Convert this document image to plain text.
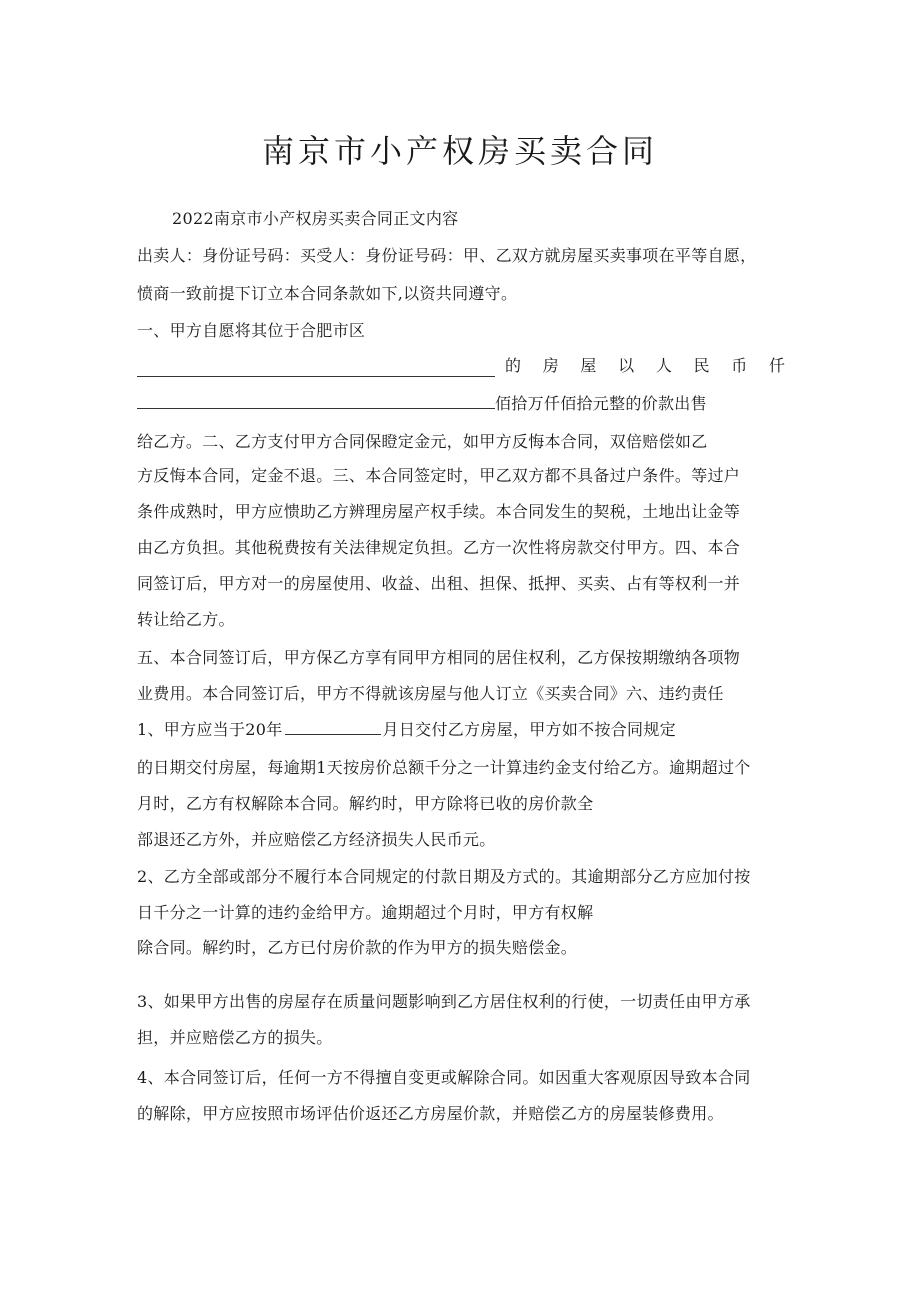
南京市小产权房买卖合同
2022南京市小产权房买卖合同正文内容
出卖人：身份证号码：买受人：身份证号码：甲、乙双方就房屋买卖事项在平等自愿，
愤商一致前提下订立本合同条款如下,以资共同遵守。
一、甲方自愿将其位于合肥市区
的 房 屋 以 人 民 币 仟
佰拾万仟佰拾元整的价款出售
给乙方。二、乙方支付甲方合同保瞪定金元，如甲方反悔本合同，双倍赔偿如乙
方反悔本合同，定金不退。三、本合同签定时，甲乙双方都不具备过户条件。等过户
条件成熟时，甲方应愦助乙方辨理房屋产权手续。本合同发生的契税，土地出让金等
由乙方负担。其他税费按有关法律规定负担。乙方一次性将房款交付甲方。四、本合
同签订后，甲方对一的房屋使用、收益、出租、担保、抵押、买卖、占有等权利一并
转让给乙方。
五、本合同签订后，甲方保乙方享有同甲方相同的居住权利，乙方保按期缴纳各项物
业费用。本合同签订后，甲方不得就该房屋与他人订立《买卖合同》六、违约责任
1、甲方应当于20年	月日交付乙方房屋，甲方如不按合同规定
的日期交付房屋，每逾期1天按房价总额千分之一计算违约金支付给乙方。逾期超过个
月时，乙方有权解除本合同。解约时，甲方除将已收的房价款全
部退还乙方外，并应赔偿乙方经济损失人民币元。
2、乙方全部或部分不履行本合同规定的付款日期及方式的。其逾期部分乙方应加付按
日千分之一计算的违约金给甲方。逾期超过个月时，甲方有权解
除合同。解约时，乙方已付房价款的作为甲方的损失赔偿金。
3、如果甲方出售的房屋存在质量问题影响到乙方居住权利的行使，一切责任由甲方承
担，并应赔偿乙方的损失。
4、本合同签订后，任何一方不得擅自变更或解除合同。如因重大客观原因导致本合同
的解除，甲方应按照市场评估价返还乙方房屋价款，并赔偿乙方的房屋装修费用。
